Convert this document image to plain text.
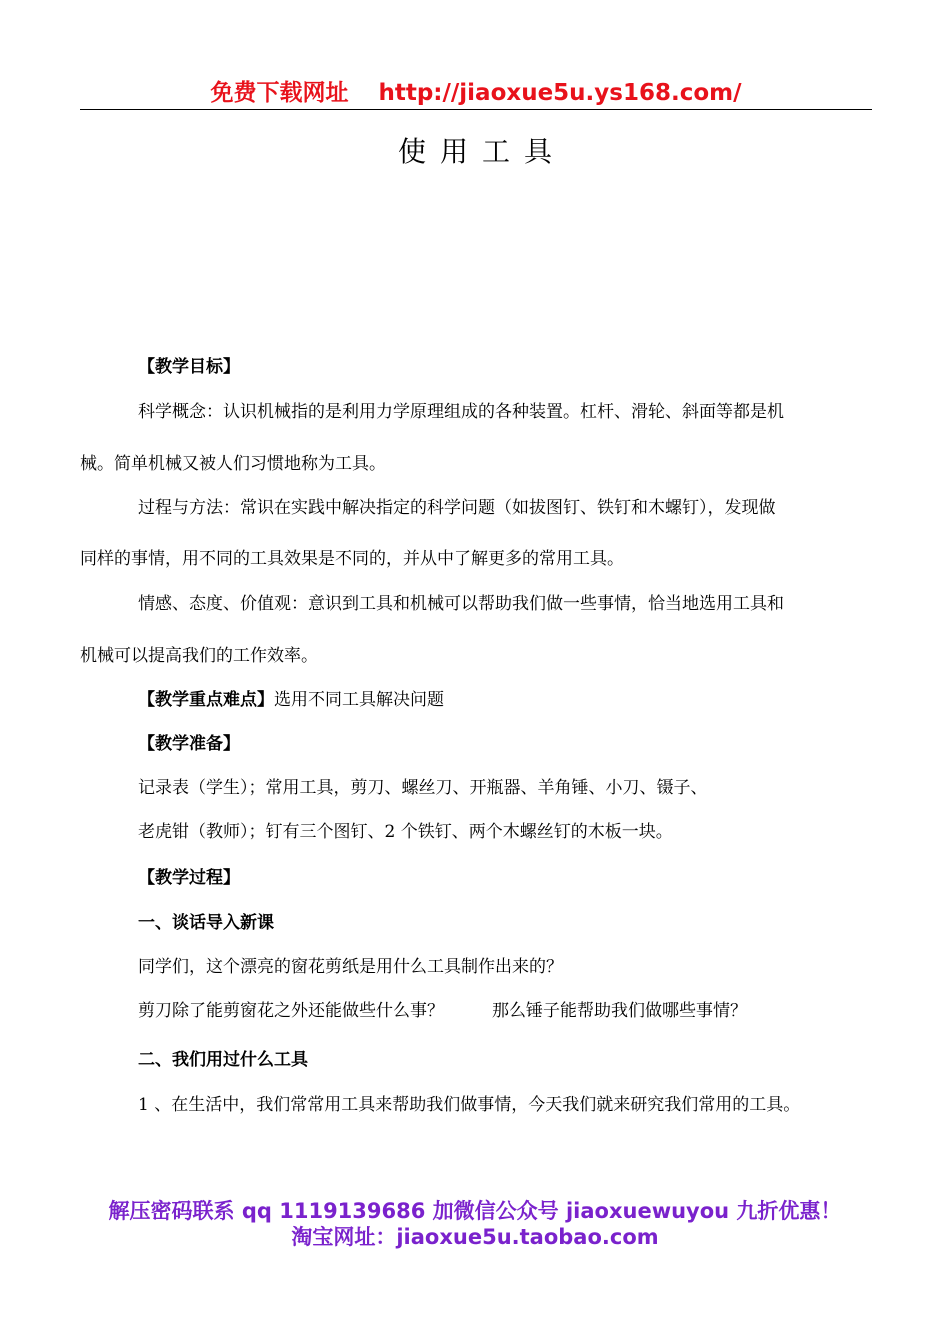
免费下载网址 http://jiaoxue5u.ys168.com/
使用工具
【教学目标】
科学概念：认识机械指的是利用力学原理组成的各种装置。杠杆、滑轮、斜面等都是机
械。简单机械又被人们习惯地称为工具。
过程与方法：常识在实践中解决指定的科学问题（如拔图钉、铁钉和木螺钉），发现做
同样的事情，用不同的工具效果是不同的，并从中了解更多的常用工具。
情感、态度、价值观：意识到工具和机械可以帮助我们做一些事情，恰当地选用工具和
机械可以提高我们的工作效率。
【教学重点难点】选用不同工具解决问题
【教学准备】
记录表（学生）；常用工具，剪刀、螺丝刀、开瓶器、羊角锤、小刀、镊子、
老虎钳（教师）；钉有三个图钉、2 个铁钉、两个木螺丝钉的木板一块。
【教学过程】
一、谈话导入新课
同学们，这个漂亮的窗花剪纸是用什么工具制作出来的？
剪刀除了能剪窗花之外还能做些什么事？	那么锤子能帮助我们做哪些事情？
二、我们用过什么工具
1 、在生活中，我们常常用工具来帮助我们做事情，今天我们就来研究我们常用的工具。
解压密码联系 qq 1119139686 加微信公众号 jiaoxuewuyou 九折优惠！
淘宝网址：jiaoxue5u.taobao.com
